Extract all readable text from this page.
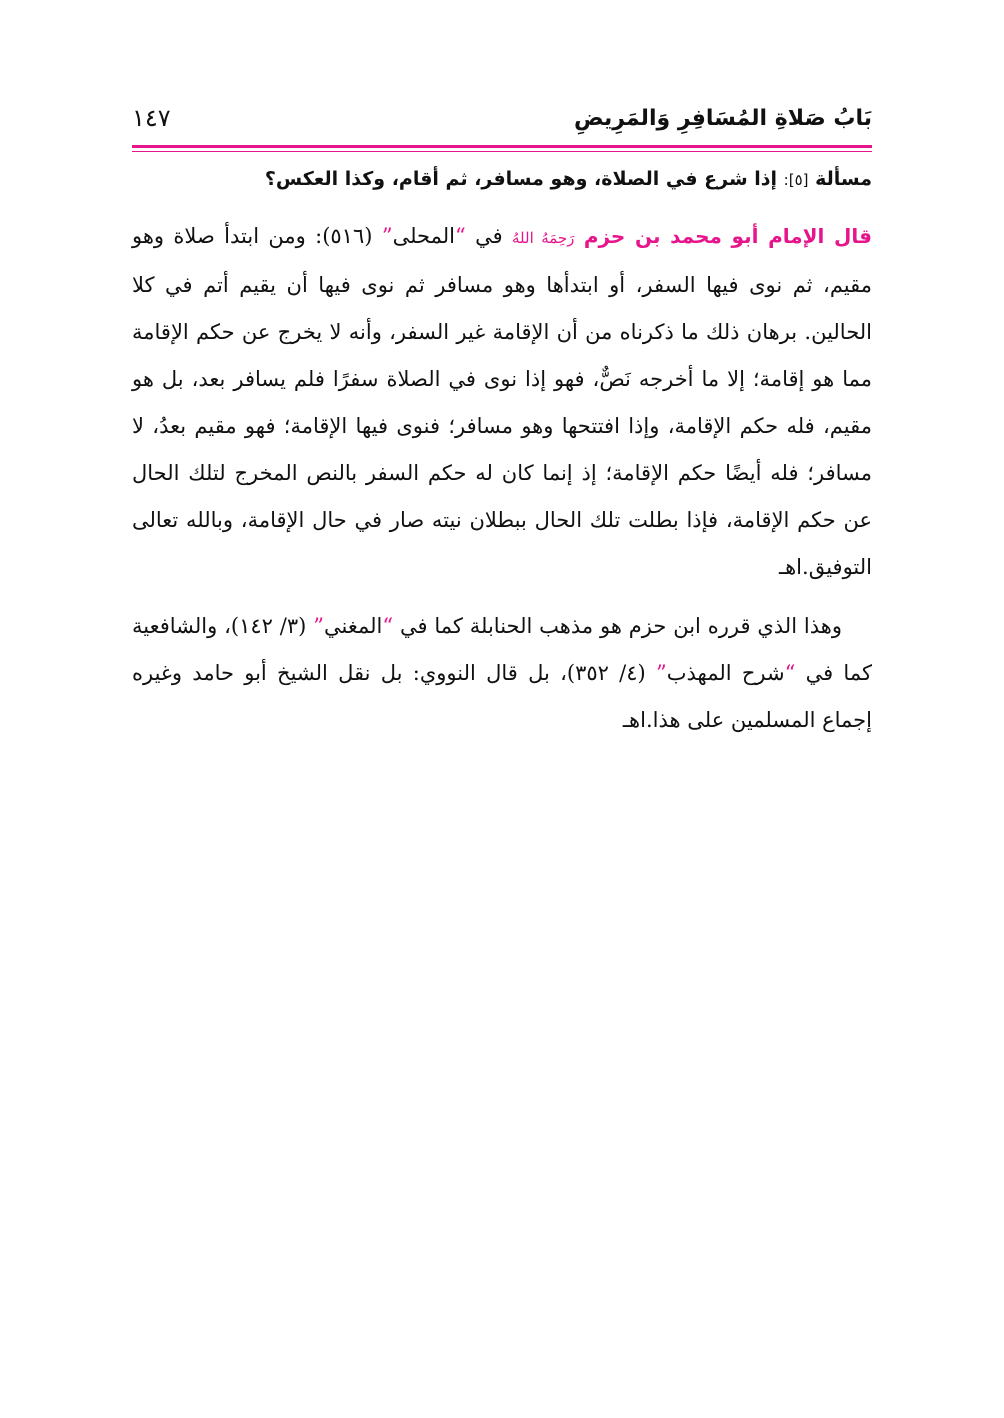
بَابُ صَلاةِ المُسَافِرِ وَالمَرِيضِ
١٤٧
مسألة [٥]: إذا شرع في الصلاة، وهو مسافر، ثم أقام، وكذا العكس؟
قال الإمام أبو محمد بن حزم رَحِمَهُ اللهُ في “المحلى” (٥١٦): ومن ابتدأ صلاة وهو مقيم، ثم نوى فيها السفر، أو ابتدأها وهو مسافر ثم نوى فيها أن يقيم أتم في كلا الحالين. برهان ذلك ما ذكرناه من أن الإقامة غير السفر، وأنه لا يخرج عن حكم الإقامة مما هو إقامة؛ إلا ما أخرجه نَصٌّ، فهو إذا نوى في الصلاة سفرًا فلم يسافر بعد، بل هو مقيم، فله حكم الإقامة، وإذا افتتحها وهو مسافر؛ فنوى فيها الإقامة؛ فهو مقيم بعدُ، لا مسافر؛ فله أيضًا حكم الإقامة؛ إذ إنما كان له حكم السفر بالنص المخرج لتلك الحال عن حكم الإقامة، فإذا بطلت تلك الحال ببطلان نيته صار في حال الإقامة، وبالله تعالى التوفيق.اهـ
وهذا الذي قرره ابن حزم هو مذهب الحنابلة كما في “المغني” (٣/ ١٤٢)، والشافعية كما في “شرح المهذب” (٤/ ٣٥٢)، بل قال النووي: بل نقل الشيخ أبو حامد وغيره إجماع المسلمين على هذا.اهـ
